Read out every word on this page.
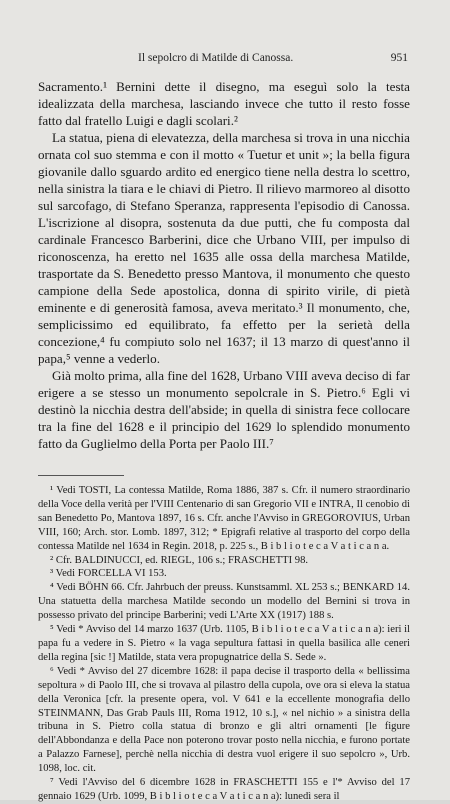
Il sepolcro di Matilde di Canossa.	951

Sacramento.¹ Bernini dette il disegno, ma eseguì solo la testa idealizzata della marchesa, lasciando invece che tutto il resto fosse fatto dal fratello Luigi e dagli scolari.²

La statua, piena di elevatezza, della marchesa si trova in una nicchia ornata col suo stemma e con il motto « Tuetur et unit »; la bella figura giovanile dallo sguardo ardito ed energico tiene nella destra lo scettro, nella sinistra la tiara e le chiavi di Pietro. Il rilievo marmoreo al disotto sul sarcofago, di Stefano Speranza, rappresenta l'episodio di Canossa. L'iscrizione al disopra, sostenuta da due putti, che fu composta dal cardinale Francesco Barberini, dice che Urbano VIII, per impulso di riconoscenza, ha eretto nel 1635 alle ossa della marchesa Matilde, trasportate da S. Benedetto presso Mantova, il monumento che questo campione della Sede apostolica, donna di spirito virile, di pietà eminente e di generosità famosa, aveva meritato.³ Il monumento, che, semplicissimo ed equilibrato, fa effetto per la serietà della concezione,⁴ fu compiuto solo nel 1637; il 13 marzo di quest'anno il papa,⁵ venne a vederlo.

Già molto prima, alla fine del 1628, Urbano VIII aveva deciso di far erigere a se stesso un monumento sepolcrale in S. Pietro.⁶ Egli vi destinò la nicchia destra dell'abside; in quella di sinistra fece collocare tra la fine del 1628 e il principio del 1629 lo splendido monumento fatto da Guglielmo della Porta per Paolo III.⁷

¹ Vedi TOSTI, La contessa Matilde, Roma 1886, 387 s. Cfr. il numero straordinario della Voce della verità per l'VIII Centenario di san Gregorio VII e INTRA, Il cenobio di san Benedetto Po, Mantova 1897, 16 s. Cfr. anche l'Avviso in GREGOROVIUS, Urban VIII, 160; Arch. stor. Lomb. 1897, 312; * Epigrafi relative al trasporto del corpo della contessa Matilde nel 1634 in Regin. 2018, p. 225 s., B i b l i o t e c a V a t i c a n a.

² Cfr. BALDINUCCI, ed. RIEGL, 106 s.; FRASCHETTI 98.

³ Vedi FORCELLA VI 153.

⁴ Vedi BÖHN 66. Cfr. Jahrbuch der preuss. Kunstsamml. XL 253 s.; BENKARD 14. Una statuetta della marchesa Matilde secondo un modello del Bernini si trova in possesso privato del principe Barberini; vedi L'Arte XX (1917) 188 s.

⁵ Vedi * Avviso del 14 marzo 1637 (Urb. 1105, B i b l i o t e c a V a t i c a n a): ieri il papa fu a vedere in S. Pietro « la vaga sepultura fattasi in quella basilica alle ceneri della regina [sic !] Matilde, stata vera propugnatrice della S. Sede ».

⁶ Vedi * Avviso del 27 dicembre 1628: il papa decise il trasporto della « bellissima sepoltura » di Paolo III, che si trovava al pilastro della cupola, ove ora si eleva la statua della Veronica [cfr. la presente opera, vol. V 641 e la eccellente monografia dello STEINMANN, Das Grab Pauls III, Roma 1912, 10 s.], « nel nichio » a sinistra della tribuna in S. Pietro colla statua di bronzo e gli altri ornamenti [le figure dell'Abbondanza e della Pace non poterono trovar posto nella nicchia, e furono portate a Palazzo Farnese], perchè nella nicchia di destra vuol erigere il suo sepolcro », Urb. 1098, loc. cit.

⁷ Vedi l'Avviso del 6 dicembre 1628 in FRASCHETTI 155 e l'* Avviso del 17 gennaio 1629 (Urb. 1099, B i b l i o t e c a V a t i c a n a): lunedì sera il
